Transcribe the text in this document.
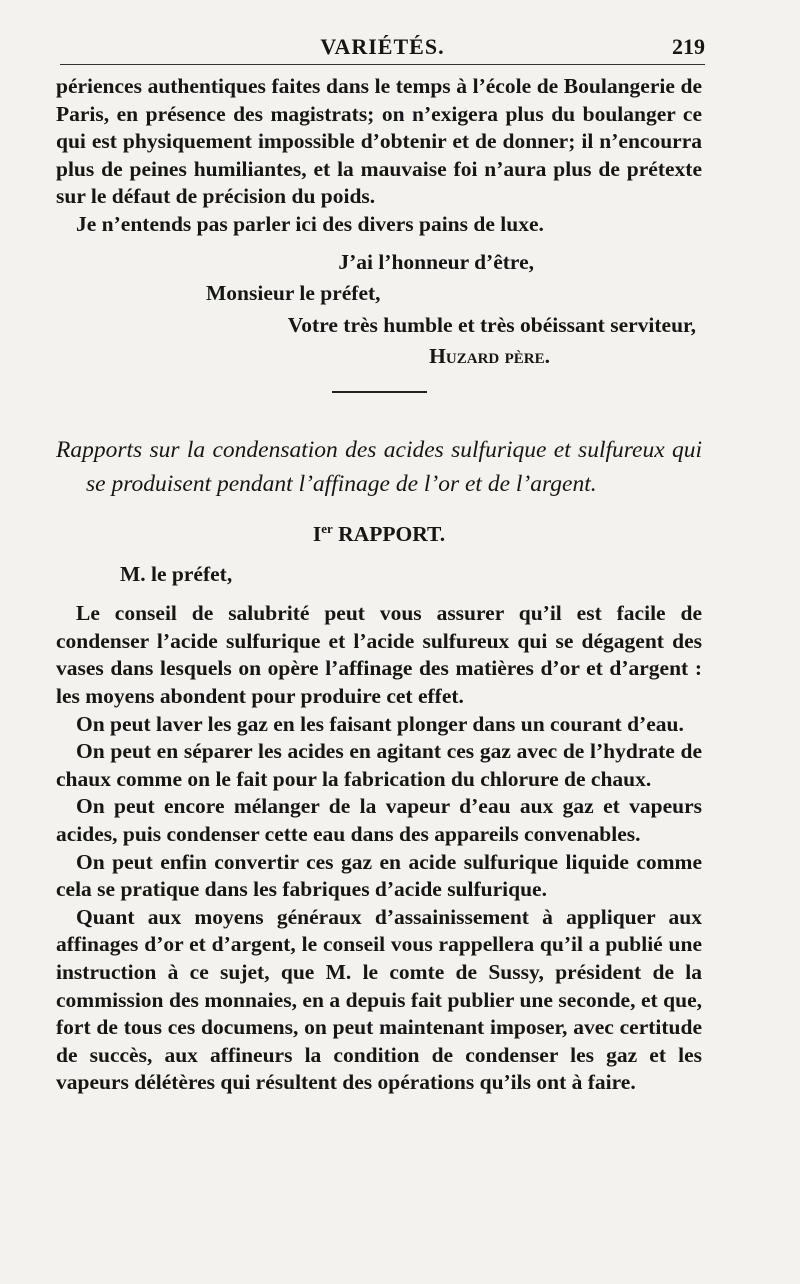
VARIÉTÉS.	219

périences authentiques faites dans le temps à l’école de Boulangerie de Paris, en présence des magistrats; on n’exigera plus du boulanger ce qui est physiquement impossible d’obtenir et de donner; il n’encourra plus de peines humiliantes, et la mauvaise foi n’aura plus de prétexte sur le défaut de précision du poids.

Je n’entends pas parler ici des divers pains de luxe.

J’ai l’honneur d’être,

Monsieur le préfet,

Votre très humble et très obéissant serviteur,

Huzard père.

Rapports sur la condensation des acides sulfurique et sulfureux qui se produisent pendant l’affinage de l’or et de l’argent.

Ier RAPPORT.

M. le préfet,

Le conseil de salubrité peut vous assurer qu’il est facile de condenser l’acide sulfurique et l’acide sulfureux qui se dégagent des vases dans lesquels on opère l’affinage des matières d’or et d’argent : les moyens abondent pour produire cet effet.

On peut laver les gaz en les faisant plonger dans un courant d’eau.

On peut en séparer les acides en agitant ces gaz avec de l’hydrate de chaux comme on le fait pour la fabrication du chlorure de chaux.

On peut encore mélanger de la vapeur d’eau aux gaz et vapeurs acides, puis condenser cette eau dans des appareils convenables.

On peut enfin convertir ces gaz en acide sulfurique liquide comme cela se pratique dans les fabriques d’acide sulfurique.

Quant aux moyens généraux d’assainissement à appliquer aux affinages d’or et d’argent, le conseil vous rappellera qu’il a publié une instruction à ce sujet, que M. le comte de Sussy, président de la commission des monnaies, en a depuis fait publier une seconde, et que, fort de tous ces documens, on peut maintenant imposer, avec certitude de succès, aux affineurs la condition de condenser les gaz et les vapeurs délétères qui résultent des opérations qu’ils ont à faire.
